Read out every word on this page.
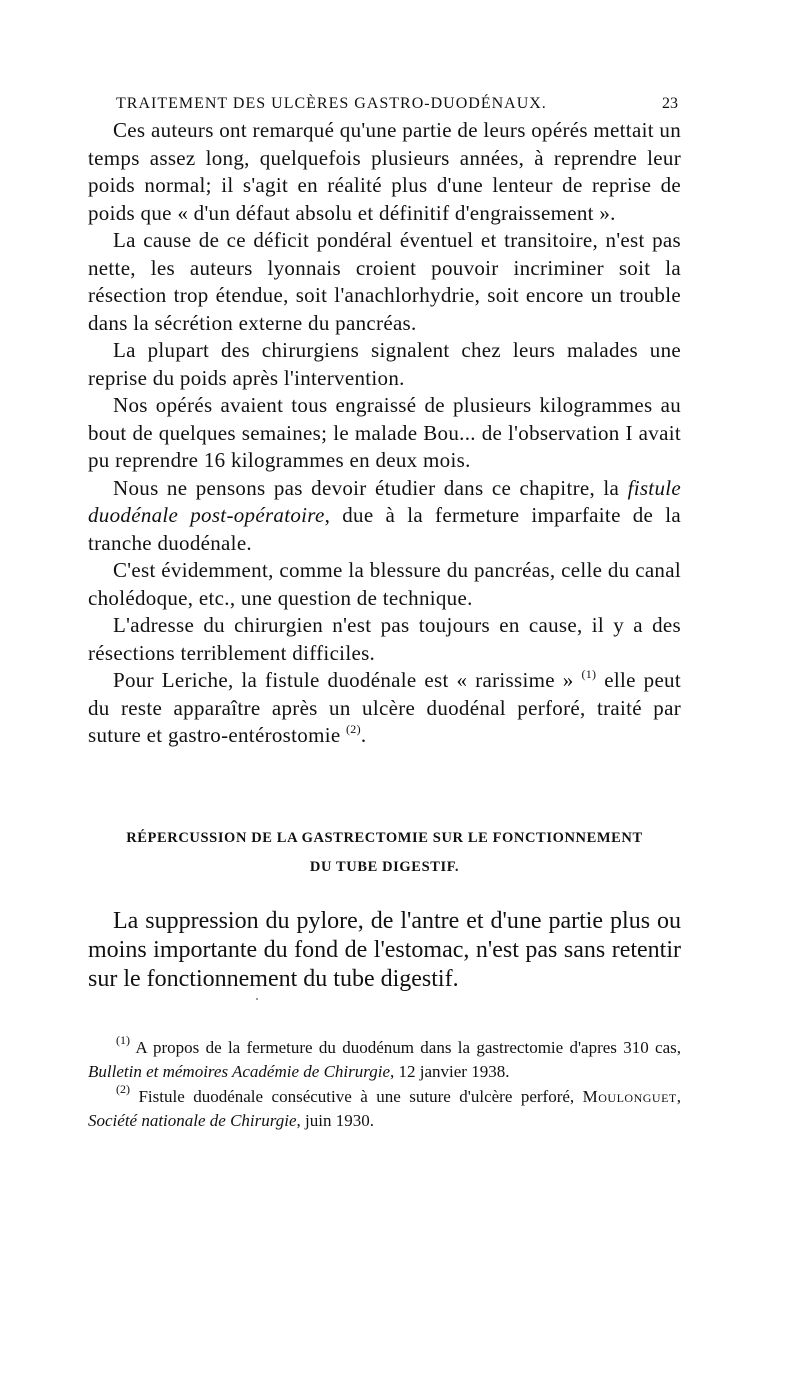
TRAITEMENT DES ULCÈRES GASTRO-DUODÉNAUX.	23

Ces auteurs ont remarqué qu'une partie de leurs opérés mettait un temps assez long, quelquefois plusieurs années, à reprendre leur poids normal; il s'agit en réalité plus d'une lenteur de reprise de poids que « d'un défaut absolu et définitif d'engraissement ».

La cause de ce déficit pondéral éventuel et transitoire, n'est pas nette, les auteurs lyonnais croient pouvoir incriminer soit la résection trop étendue, soit l'anachlorhydrie, soit encore un trouble dans la sécrétion externe du pancréas.

La plupart des chirurgiens signalent chez leurs malades une reprise du poids après l'intervention.

Nos opérés avaient tous engraissé de plusieurs kilogrammes au bout de quelques semaines; le malade Bou... de l'observation I avait pu reprendre 16 kilogrammes en deux mois.

Nous ne pensons pas devoir étudier dans ce chapitre, la fistule duodénale post-opératoire, due à la fermeture imparfaite de la tranche duodénale.

C'est évidemment, comme la blessure du pancréas, celle du canal cholédoque, etc., une question de technique.

L'adresse du chirurgien n'est pas toujours en cause, il y a des résections terriblement difficiles.

Pour Leriche, la fistule duodénale est « rarissime » $^{(1)}$ elle peut du reste apparaître après un ulcère duodénal perforé, traité par suture et gastro-entérostomie $^{(2)}$.

RÉPERCUSSION DE LA GASTRECTOMIE SUR LE FONCTIONNEMENT
DU TUBE DIGESTIF.

La suppression du pylore, de l'antre et d'une partie plus ou moins importante du fond de l'estomac, n'est pas sans retentir sur le fonctionnement du tube digestif.

$^{(1)}$ A propos de la fermeture du duodénum dans la gastrectomie d'apres 310 cas, Bulletin et mémoires Académie de Chirurgie, 12 janvier 1938.

$^{(2)}$ Fistule duodénale consécutive à une suture d'ulcère perforé, Moulonguet, Société nationale de Chirurgie, juin 1930.
